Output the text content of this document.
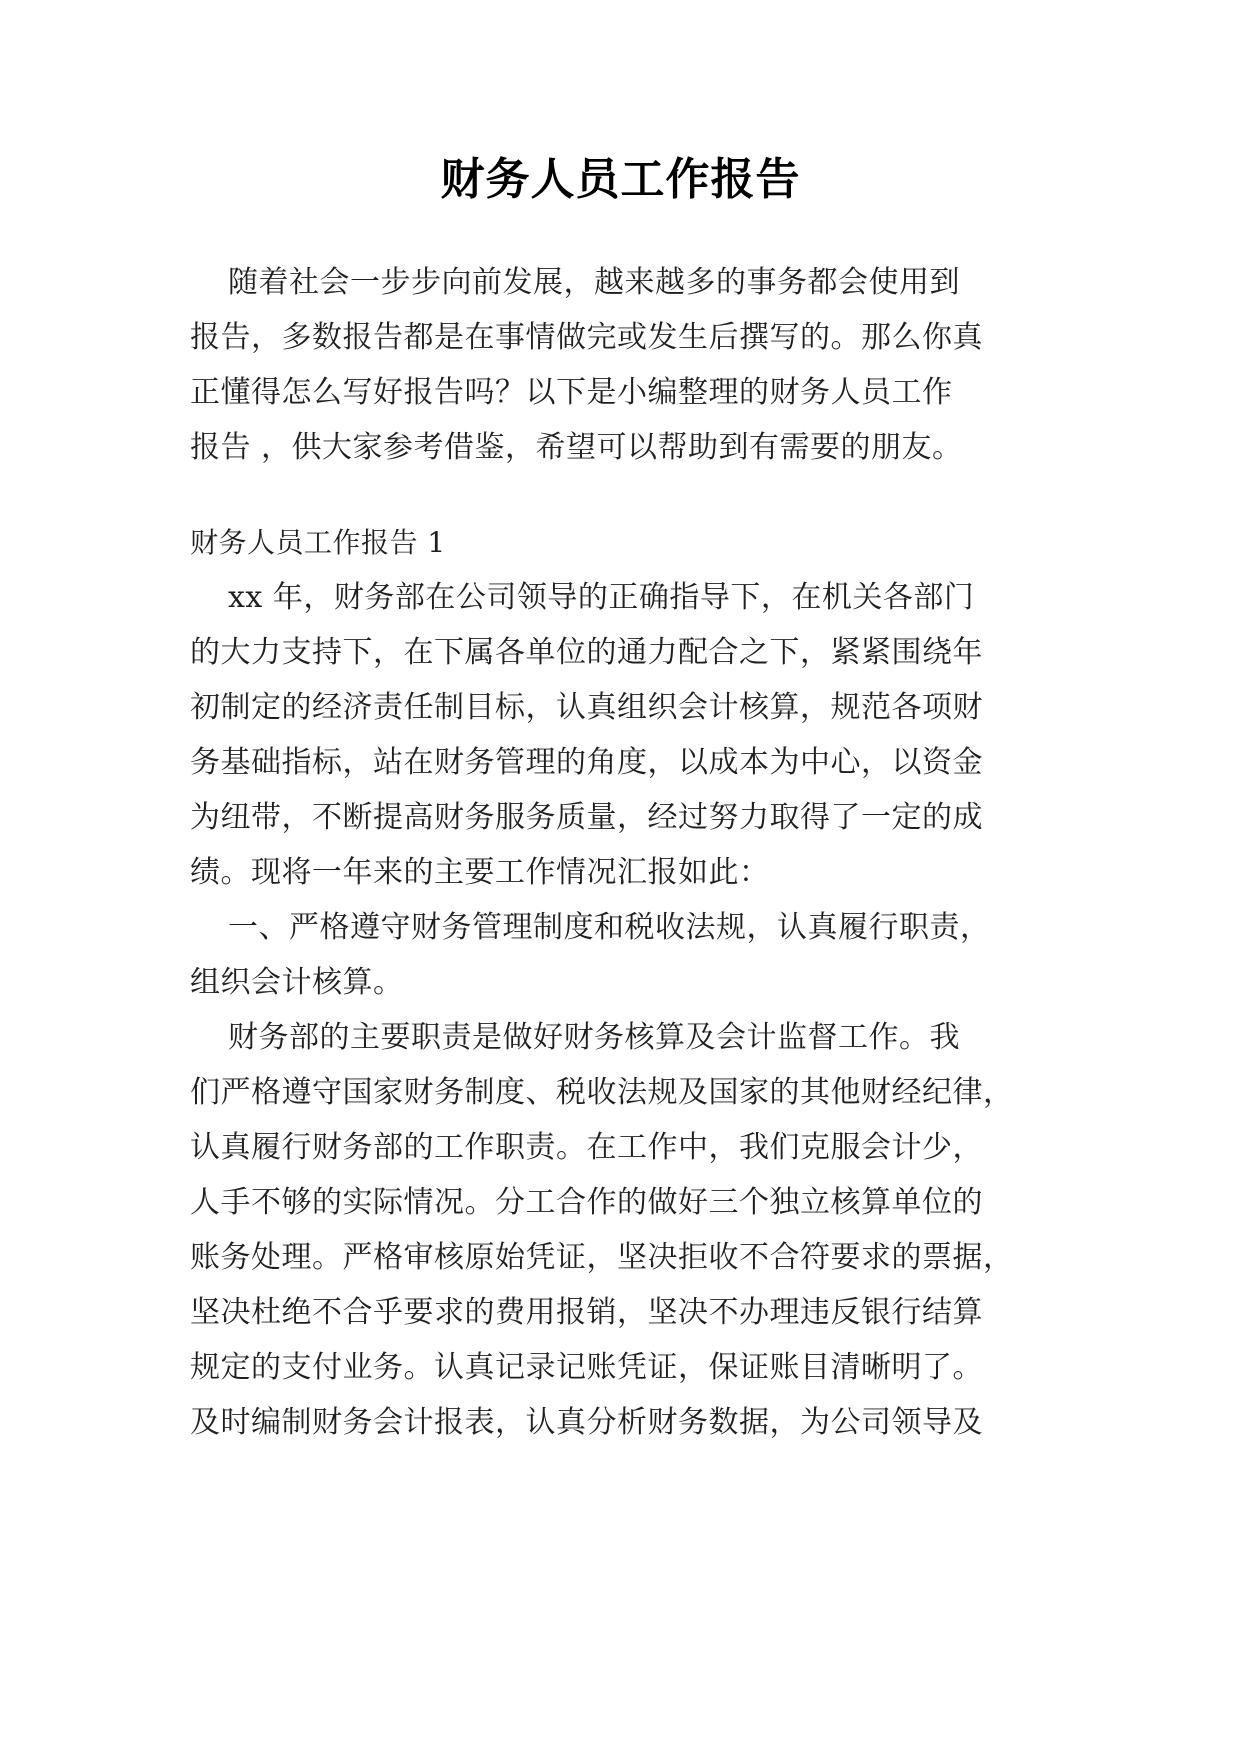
财务人员工作报告
随着社会一步步向前发展，越来越多的事务都会使用到
报告，多数报告都是在事情做完或发生后撰写的。那么你真
正懂得怎么写好报告吗？以下是小编整理的财务人员工作
报告 ，供大家参考借鉴，希望可以帮助到有需要的朋友。
财务人员工作报告 1
xx 年，财务部在公司领导的正确指导下，在机关各部门
的大力支持下，在下属各单位的通力配合之下，紧紧围绕年
初制定的经济责任制目标，认真组织会计核算，规范各项财
务基础指标，站在财务管理的角度，以成本为中心，以资金
为纽带，不断提高财务服务质量，经过努力取得了一定的成
绩。现将一年来的主要工作情况汇报如此：
一、严格遵守财务管理制度和税收法规，认真履行职责，
组织会计核算。
财务部的主要职责是做好财务核算及会计监督工作。我
们严格遵守国家财务制度、税收法规及国家的其他财经纪律，
认真履行财务部的工作职责。在工作中，我们克服会计少，
人手不够的实际情况。分工合作的做好三个独立核算单位的
账务处理。严格审核原始凭证，坚决拒收不合符要求的票据，
坚决杜绝不合乎要求的费用报销，坚决不办理违反银行结算
规定的支付业务。认真记录记账凭证，保证账目清晰明了。
及时编制财务会计报表，认真分析财务数据，为公司领导及
